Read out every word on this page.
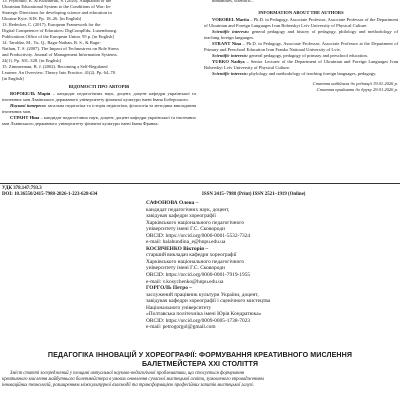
13. Pryhodko, K. & Kushniruk, S. (2020). Adaptation of the
Ukrainian Educational System to the Conditions of War: In-
Strategic Directions for developing science and education in
Ukraine Kyiv: KIS. Pp. 18–26. [in English]
13. Redecker, C. (2017). European Framework for the
Digital Competence of Educators: DigCompEdu. Luxembourg.
Publications Office of the European Union. 95 p. [in English]
14. Tarafdar, M., Tu, Q., Ragu-Nathan, B. S., & Ragu-
Nathan, T. S. (2007). The Impact of Technostress on Role Stress
and Productivity. Journal of Management Information Systems.
24(1). Pp. 301–328. [in English]
15. Zimmerman, B. J. (2002). Becoming a Self-Regulated
Learner: An Overview. Theory Into Practice. 41(2). Pp. 64–70.
[in English]
ВІДОМОСТІ ПРО АВТОРІВ

ВОРОБЕЛЬ Марія – кандидат педагогічних наук, доцент, доцент кафедри української та іноземних мов Львівського державного університету фізичної культури імені Івана Боберського.

Наукові інтереси: загальна педагогіка та історія педагогіки, філологія та методика викладання іноземних мов.

СТРАНТ Ніна – кандидат педагогічних наук, доцент, доцент кафедри української та іноземних мов Львівського державного університету фізичної культури імені Івана Франка.

humanities, scientific...
INFORMATION ABOUT THE AUTHORS

VOROBEL Mariia – Ph.D. in Pedagogy, Associate Professor, Associate Professor of the Department of Ukrainian and Foreign Languages Ivan Boberskyi Lviv University of Physical Culture.

Scientific interests: general pedagogy and history of pedagogy, philology and methodology of teaching foreign languages.

STRANT Nina – Ph.D. in Pedagogy, Associate Professor, Associate Professor at the Department of Primary and Preschool Education Ivan Franko National University of Lviv.

Scientific interests: general pedagogy, pedagogy of primary and preschool education.

YURKO Nadiya – Senior Lecturer of the Department of Ukrainian and Foreign Languages Ivan Boberskyi Lviv University of Physical Culture.

Scientific interests: phylology and methodology of teaching foreign languages, pedagogy.

Стаття надійшла до редакції 19.01.2026 р.
Стаття прийнята до друку 29.01.2026 р.
УДК 378.147:793.3
DOI: 10.36550/2415-7988-2026-1-223-628-634	ISSN 2415–7988 (Print) ISSN 2521–1919 (Online)
САФОНОВА Олена –
кандидат педагогічних наук, доцент,
завідувач кафедри хореографії
Харківського національного педагогічного
університету імені Г.С. Сковороди
ORCID: https://orcid.org/0000-0001-5532-7324
e-mail: halabundina_e@hnpu.edu.ua
КОСИЧЕНКО Вікторія –
старший викладач кафедри хореографії
Харківського національного педагогічного
університету імені Г.С. Сковороди
ORCID: https://orcid.org/0000-0001-7919-1955
e-mail: v.kosychenko@hnpu.edu.ua
ГОРГОЛЬ Петро –
заслужений працівник культури України, доцент,
завідувач кафедри хореографії і сценічного мистецтва
Національного університету
«Полтавська політехніка імені Юрія Кондратюка»
ORCID: https://orcid.org/0009-0005-1738-7023
e-mail: petrogorgol@gmail.com
ПЕДАГОГІКА ІННОВАЦІЙ У ХОРЕОГРАФІЇ: ФОРМУВАННЯ КРЕАТИВНОГО МИСЛЕННЯ
БАЛЕТМЕЙСТЕРА XXI СТОЛІТТЯ
Зміст статті зосереджений у площині актуальної науково-педагогічної проблематики, що стосується формування
креативного мислення майбутнього балетмейстера в умовах оновлення сучасної мистецької освіти, зумовленого впровадженням
інноваційних технологій, розширенням міжкультурної взаємодії та трансформацією професійних запитів мистецької галузі.
